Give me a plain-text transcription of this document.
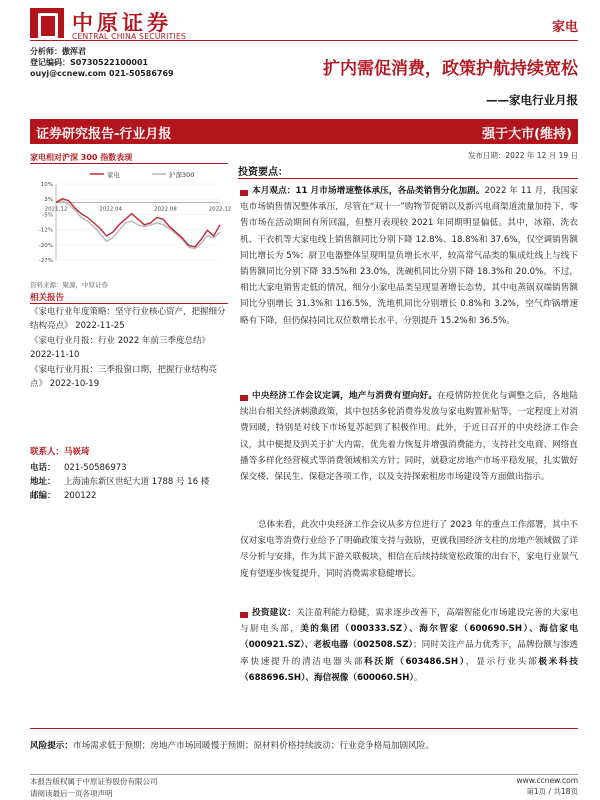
中原证券
CENTRAL CHINA SECURITIES
家电
分析师：傲浑君
登记编码：S0730522100001
ouyj@ccnew.com 021-50586769	扩内需促消费，政策护航持续宽松
——家电行业月报
证券研究报告-行业月报	强于大市(维持)
家电相对沪深 300 指数表现
家电	沪深300
10%
3%
-5%
-12%
-20%
-27%
2021.12	2022.04	2022.08	2022.12
资料来源：聚源，中原证券
相关报告
《家电行业年度策略：坚守行业核心资产，把握细分结构亮点》 2022-11-25
《家电行业月报：行业 2022 年前三季度总结》
2022-11-10
《家电行业月报：三季报窗口期，把握行业结构亮点》 2022-10-19
联系人：马嵚琦
电话： 021-50586973
地址： 上海浦东新区世纪大道 1788 号 16 楼
邮编： 200122
发布日期：2022 年 12 月 19 日
投资要点：
本月观点：11 月市场增速整体承压，各品类销售分化加剧。2022 年 11 月，我国家电市场销售情况整体承压，尽管在“双十一”购物节促销以及新兴电商渠道流量加持下，零售市场在活动期间有所回温，但整月表现较 2021 年同期明显偏低。其中，冰箱、洗衣机、干衣机等大家电线上销售额同比分别下降 12.8%、18.8%和 37.6%，仅空调销售额同比增长为 5%；厨卫电器整体呈现明显负增长水平，较高常气品类的集成灶线上与线下销售额同比分别下降 33.5%和 23.0%，洗碗机同比分别下降 18.3%和 20.0%。不过，相比大家电销售走低的情况，细分小家电品类呈现显著增长态势，其中电蒸锅双端销售额同比分别增长 31.3%和 116.5%，洗地机同比分别增长 0.8%和 3.2%，空气炸锅增速略有下降，但仍保持同比双位数增长水平，分别提升 15.2%和 36.5%。
中央经济工作会议定调，地产与消费有望向好。在疫情防控优化与调整之后，各地陆续出台相关经济刺激政策，其中包括多轮消费券发放与家电购置补贴等，一定程度上对消费回暖，特别是对线下市场复苏起到了积极作用。此外，于近日召开的中央经济工作会议，其中便提及到关于扩大内需，优先着力恢复并增强消费能力，支持社交电商、网络直播等多样化经营模式等消费领域相关方针；同时，就稳定房地产市场平稳发展，扎实做好保交楼、保民生、保稳定各项工作，以及支持探索租房市场建设等方面做出指示。
总体来看，此次中央经济工作会议从多方位进行了 2023 年的重点工作部署，其中不仅对家电等消费行业给予了明确政策支持与鼓励，更就我国经济支柱的房地产领域做了详尽分析与安排，作为其下游关联板块，相信在后续持续宽松政策的出台下，家电行业景气度有望逐步恢复提升，同时消费需求稳健增长。
投资建议：关注盈利能力稳健，需求逐步改善下，高端智能化市场建设完善的大家电与厨电头部，美的集团（000333.SZ）、海尔智家（600690.SH）、海信家电（000921.SZ）、老板电器（002508.SZ）；同时关注产品力优秀下，品牌份额与渗透率快速提升的清洁电器头部科沃斯（603486.SH），显示行业头部极米科技（688696.SH）、海信视像（600060.SH）。
风险提示：市场需求低于预期；房地产市场回暖慢于预期；原材料价格持续波动；行业竞争格局加剧风险。
本报告版权属于中原证券股份有限公司
请阅读最后一页各项声明	第1页 / 共18页
www.ccnew.com
